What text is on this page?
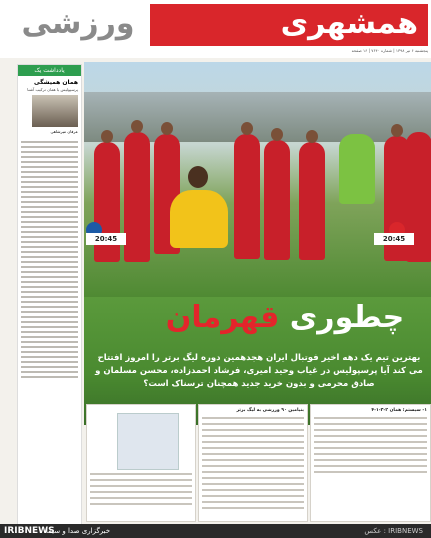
ورزشی	همشهری
پنجشنبه ۶ تیر ۱۳۹۸ | شماره ۷۶۴۰ | ۱۶ صفحه
یادداشت یک
همان همیشگی
پرسپولیس با همان ترکیب آشنا
عرفان میرشاهی
20:45	20:45
چطوری قهرمان
بهترین تیم یک دهه اخیر فوتبال ایران هجدهمین دوره لیگ برتر را امروز افتتاح می کند آیا پرسپولیس در غیاب وحید امیری، فرشاد احمدزاده، محسن مسلمان و صادق محرمی و بدون خرید جدید همچنان ترسناک است؟
بنیامین ۹۰ ورزشی به لیگ برتر	۱- سیستم؛ همان ۲-۳-۱-۴
IRIBNEWS
خبرگزاری صدا و سیما	عکس : IRIBNEWS
